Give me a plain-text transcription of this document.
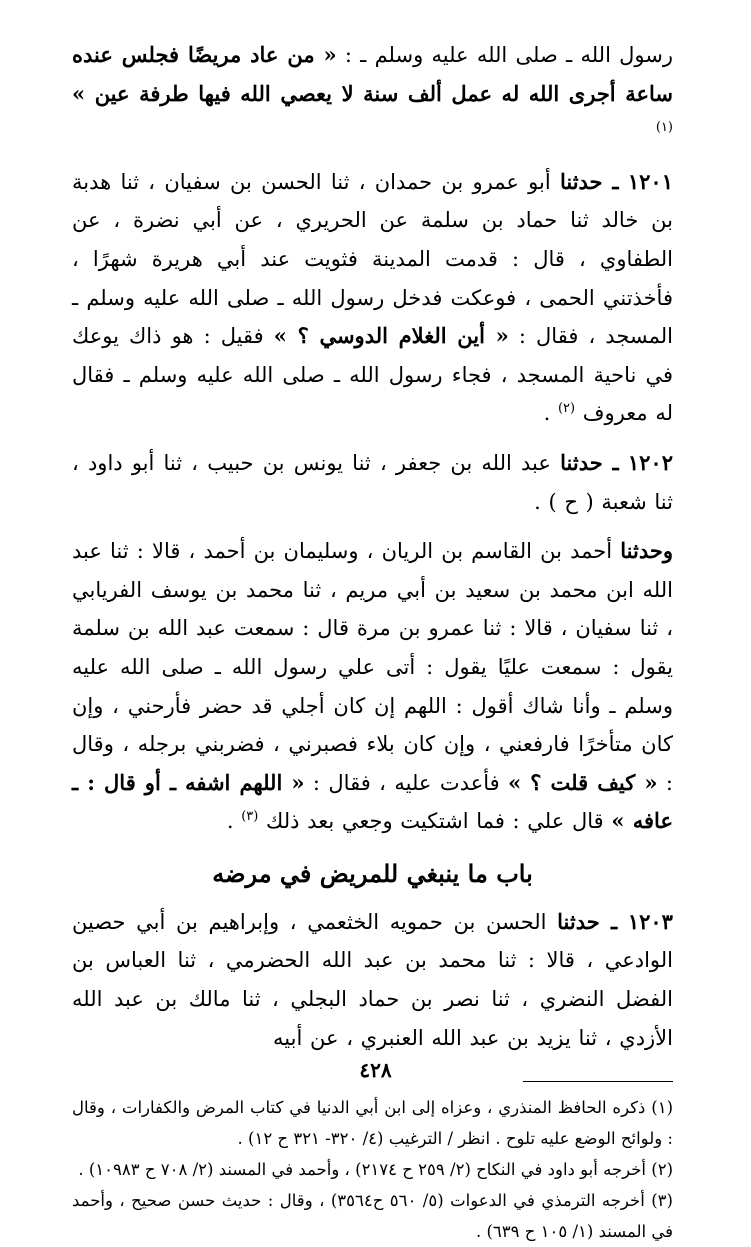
رسول الله ـ صلى الله عليه وسلم ـ : « من عاد مريضًا فجلس عنده ساعة أجرى الله له عمل ألف سنة لا يعصي الله فيها طرفة عين » $^{(١)}$

١٢٠١ ـ حدثنا أبو عمرو بن حمدان ، ثنا الحسن بن سفيان ، ثنا هدبة بن خالد ثنا حماد بن سلمة عن الحريري ، عن أبي نضرة ، عن الطفاوي ، قال : قدمت المدينة فثويت عند أبي هريرة شهرًا ، فأخذتني الحمى ، فوعكت فدخل رسول الله ـ صلى الله عليه وسلم ـ المسجد ، فقال : « أين الغلام الدوسي ؟ » فقيل : هو ذاك يوعك في ناحية المسجد ، فجاء رسول الله ـ صلى الله عليه وسلم ـ فقال له معروف $^{(٢)}$ .

١٢٠٢ ـ حدثنا عبد الله بن جعفر ، ثنا يونس بن حبيب ، ثنا أبو داود ، ثنا شعبة ( ح ) .

وحدثنا أحمد بن القاسم بن الريان ، وسليمان بن أحمد ، قالا : ثنا عبد الله ابن محمد بن سعيد بن أبي مريم ، ثنا محمد بن يوسف الفريابي ، ثنا سفيان ، قالا : ثنا عمرو بن مرة قال : سمعت عبد الله بن سلمة يقول : سمعت عليًا يقول : أتى علي رسول الله ـ صلى الله عليه وسلم ـ وأنا شاك أقول : اللهم إن كان أجلي قد حضر فأرحني ، وإن كان متأخرًا فارفعني ، وإن كان بلاء فصبرني ، فضربني برجله ، وقال : « كيف قلت ؟ » فأعدت عليه ، فقال : « اللهم اشفه ـ أو قال : ـ عافه » قال علي : فما اشتكيت وجعي بعد ذلك $^{(٣)}$ .

باب ما ينبغي للمريض في مرضه

١٢٠٣ ـ حدثنا الحسن بن حمويه الخثعمي ، وإبراهيم بن أبي حصين الوادعي ، قالا : ثنا محمد بن عبد الله الحضرمي ، ثنا العباس بن الفضل النضري ، ثنا نصر بن حماد البجلي ، ثنا مالك بن عبد الله الأزدي ، ثنا يزيد بن عبد الله العنبري ، عن أبيه

(١) ذكره الحافظ المنذري ، وعزاه إلى ابن أبي الدنيا في كتاب المرض والكفارات ، وقال : ولوائح الوضع عليه تلوح . انظر / الترغيب (٤/ ٣٢٠- ٣٢١ ح ١٢) .

(٢) أخرجه أبو داود في النكاح (٢/ ٢٥٩ ح ٢١٧٤) ، وأحمد في المسند (٢/ ٧٠٨ ح ١٠٩٨٣) .

(٣) أخرجه الترمذي في الدعوات (٥/ ٥٦٠ ح٣٥٦٤) ، وقال : حديث حسن صحيح ، وأحمد في المسند (١/ ١٠٥ ح ٦٣٩) .

٤٢٨
